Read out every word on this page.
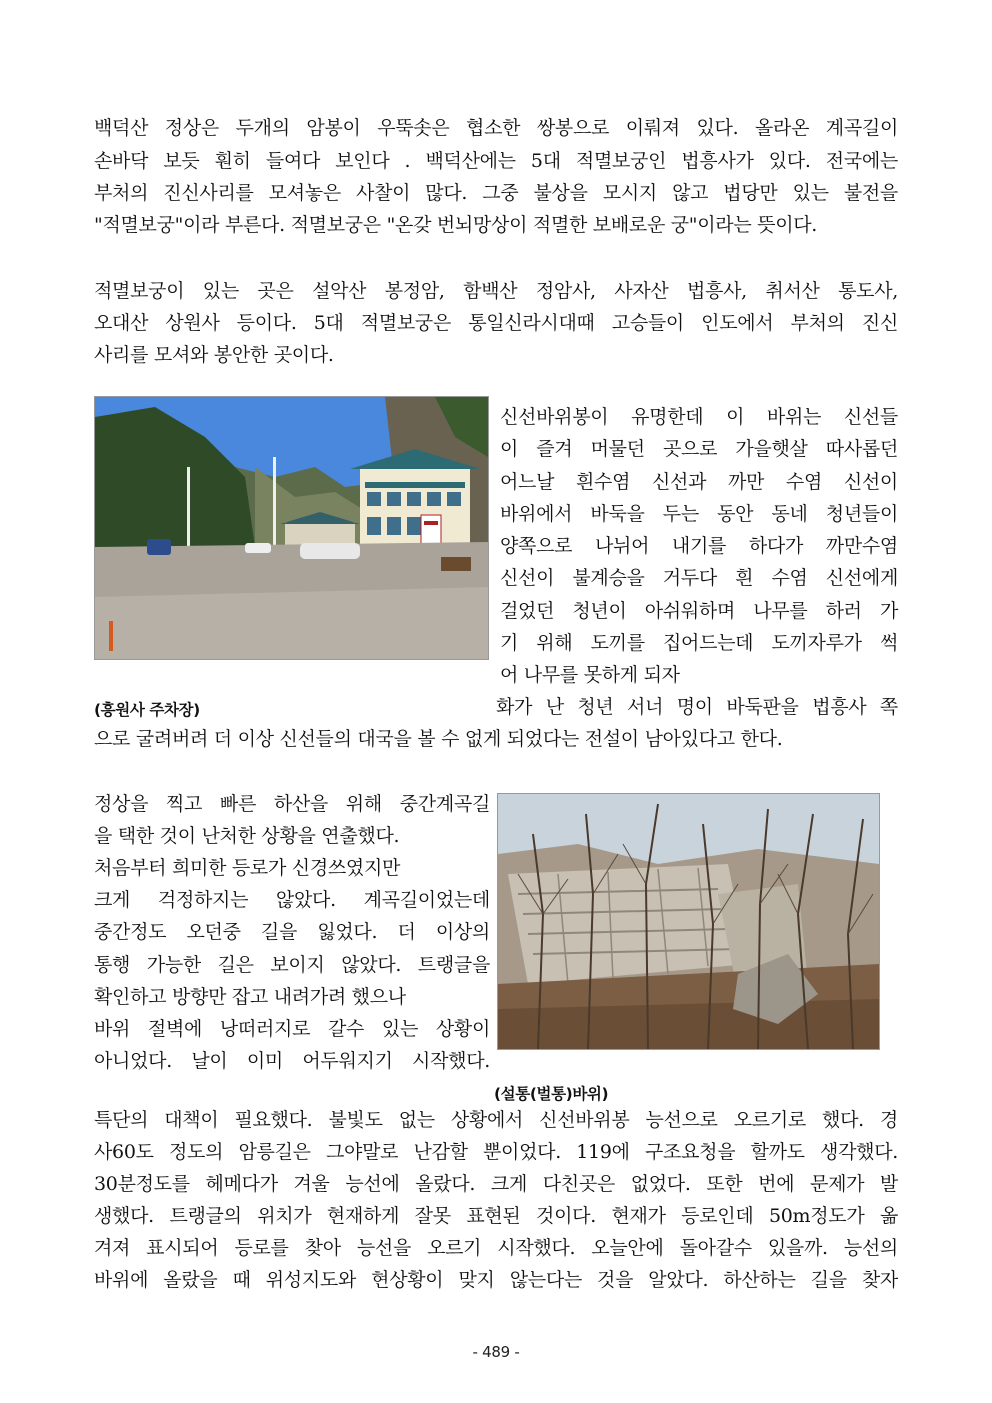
백덕산 정상은 두개의 암봉이 우뚝솟은 협소한 쌍봉으로 이뤄져 있다. 올라온 계곡길이
손바닥 보듯 훤히 들여다 보인다 . 백덕산에는 5대 적멸보궁인 법흥사가 있다. 전국에는
부처의 진신사리를 모셔놓은 사찰이 많다. 그중 불상을 모시지 않고 법당만 있는 불전을
"적멸보궁"이라 부른다. 적멸보궁은 "온갖 번뇌망상이 적멸한 보배로운 궁"이라는 뜻이다.
적멸보궁이 있는 곳은 설악산 봉정암, 함백산 정암사, 사자산 법흥사, 취서산 통도사,
오대산 상원사 등이다. 5대 적멸보궁은 통일신라시대때 고승들이 인도에서 부처의 진신
사리를 모셔와 봉안한 곳이다.
신선바위봉이 유명한데 이 바위는 신선들
이 즐겨 머물던 곳으로 가을햇살 따사롭던
어느날 흰수염 신선과 까만 수염 신선이
바위에서 바둑을 두는 동안 동네 청년들이
양쪽으로 나뉘어 내기를 하다가 까만수염
신선이 불계승을 거두다 흰 수염 신선에게
걸었던 청년이 아쉬워하며 나무를 하러 가
기 위해 도끼를 집어드는데 도끼자루가 썩
어 나무를 못하게 되자
화가 난 청년 서너 명이 바둑판을 법흥사 쪽
으로 굴려버려 더 이상 신선들의 대국을 볼 수 없게 되었다는 전설이 남아있다고 한다.
(흥원사 주차장)
정상을 찍고 빠른 하산을 위해 중간계곡길
을 택한 것이 난처한 상황을 연출했다.
처음부터 희미한 등로가 신경쓰였지만
크게 걱정하지는 않았다. 계곡길이었는데
중간정도 오던중 길을 잃었다. 더 이상의
통행 가능한 길은 보이지 않았다. 트랭글을
확인하고 방향만 잡고 내려가려 했으나
바위 절벽에 낭떠러지로 갈수 있는 상황이
아니었다. 날이 이미 어두워지기 시작했다.
(설통(벌통)바위)
특단의 대책이 필요했다. 불빛도 없는 상황에서 신선바위봉 능선으로 오르기로 했다. 경
사60도 정도의 암릉길은 그야말로 난감할 뿐이었다. 119에 구조요청을 할까도 생각했다.
30분정도를 헤메다가 겨울 능선에 올랐다. 크게 다친곳은 없었다. 또한 번에 문제가 발
생했다. 트랭글의 위치가 현재하게 잘못 표현된 것이다. 현재가 등로인데 50m정도가 옮
겨져 표시되어 등로를 찾아 능선을 오르기 시작했다. 오늘안에 돌아갈수 있을까. 능선의
바위에 올랐을 때 위성지도와 현상황이 맞지 않는다는 것을 알았다. 하산하는 길을 찾자
- 489 -
